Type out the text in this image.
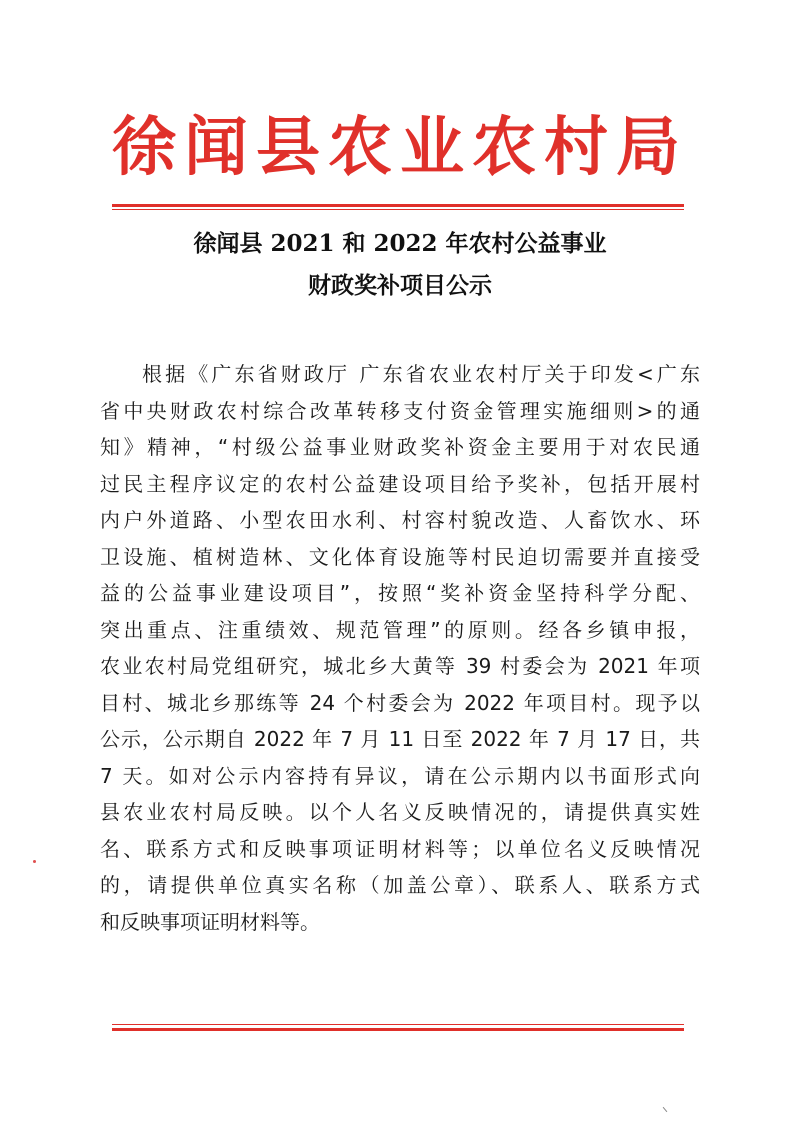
徐闻县农业农村局
徐闻县 2021 和 2022 年农村公益事业
财政奖补项目公示
根据《广东省财政厅 广东省农业农村厅关于印发<广东
省中央财政农村综合改革转移支付资金管理实施细则>的通
知》精神，“村级公益事业财政奖补资金主要用于对农民通
过民主程序议定的农村公益建设项目给予奖补，包括开展村
内户外道路、小型农田水利、村容村貌改造、人畜饮水、环
卫设施、植树造林、文化体育设施等村民迫切需要并直接受
益的公益事业建设项目”，按照“奖补资金坚持科学分配、
突出重点、注重绩效、规范管理”的原则。经各乡镇申报，
农业农村局党组研究，城北乡大黄等 39 村委会为 2021 年项
目村、城北乡那练等 24 个村委会为 2022 年项目村。现予以
公示，公示期自 2022 年 7 月 11 日至 2022 年 7 月 17 日，共
7 天。如对公示内容持有异议，请在公示期内以书面形式向
县农业农村局反映。以个人名义反映情况的，请提供真实姓
名、联系方式和反映事项证明材料等；以单位名义反映情况
的，请提供单位真实名称（加盖公章）、联系人、联系方式
和反映事项证明材料等。
